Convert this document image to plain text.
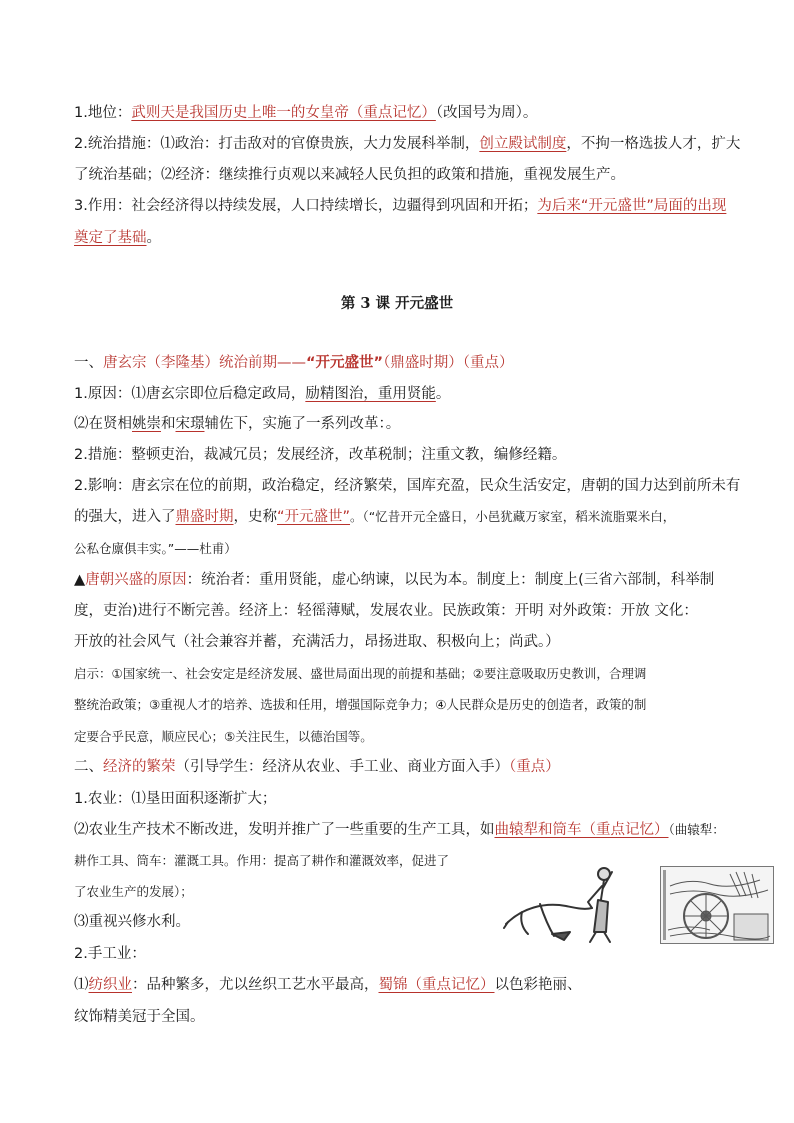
1.地位：武则天是我国历史上唯一的女皇帝（重点记忆）（改国号为周）。
2.统治措施：⑴政治：打击敌对的官僚贵族，大力发展科举制，创立殿试制度，不拘一格选拔人才，扩大
了统治基础；⑵经济：继续推行贞观以来减轻人民负担的政策和措施，重视发展生产。
3.作用：社会经济得以持续发展，人口持续增长，边疆得到巩固和开拓；为后来“开元盛世”局面的出现
奠定了基础。
第 3 课 开元盛世
一、唐玄宗（李隆基）统治前期——“开元盛世”（鼎盛时期）（重点）
1.原因：⑴唐玄宗即位后稳定政局，励精图治，重用贤能。
⑵在贤相姚崇和宋璟辅佐下，实施了一系列改革：。
2.措施：整顿吏治，裁减冗员；发展经济，改革税制；注重文教，编修经籍。
2.影响：唐玄宗在位的前期，政治稳定，经济繁荣，国库充盈，民众生活安定，唐朝的国力达到前所未有
的强大，进入了鼎盛时期，史称“开元盛世”。（“忆昔开元全盛日，小邑犹藏万家室，稻米流脂粟米白，
公私仓廪俱丰实。”——杜甫）
▲唐朝兴盛的原因：统治者：重用贤能，虚心纳谏，以民为本。制度上：制度上(三省六部制，科举制
度，吏治)进行不断完善。经济上：轻徭薄赋，发展农业。民族政策：开明 对外政策：开放 文化：
开放的社会风气（社会兼容并蓄，充满活力，昂扬进取、积极向上；尚武。）
启示：①国家统一、社会安定是经济发展、盛世局面出现的前提和基础；②要注意吸取历史教训，合理调
整统治政策；③重视人才的培养、选拔和任用，增强国际竞争力；④人民群众是历史的创造者，政策的制
定要合乎民意，顺应民心；⑤关注民生，以德治国等。
二、经济的繁荣（引导学生：经济从农业、手工业、商业方面入手）（重点）
1.农业：⑴垦田面积逐渐扩大；
⑵农业生产技术不断改进，发明并推广了一些重要的生产工具，如曲辕犁和筒车（重点记忆）（曲辕犁：
耕作工具、筒车：灌溉工具。作用：提高了耕作和灌溉效率，促进了
了农业生产的发展）；
⑶重视兴修水利。
2.手工业：
⑴纺织业：品种繁多，尤以丝织工艺水平最高，蜀锦（重点记忆）以色彩艳丽、
纹饰精美冠于全国。
